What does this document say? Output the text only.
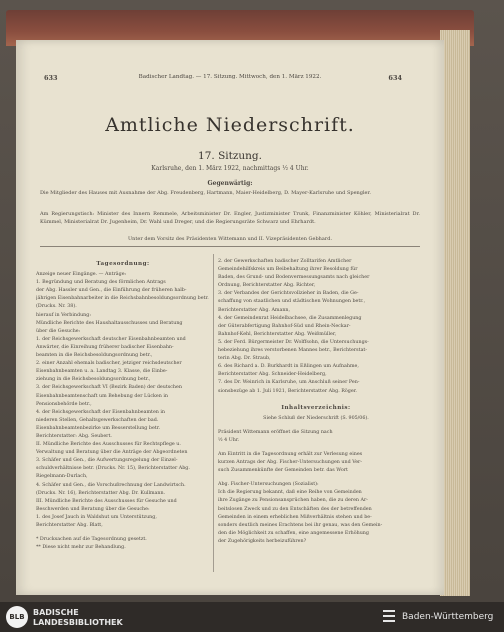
633	Badischer Landtag. — 17. Sitzung. Mittwoch, den 1. März 1922.	634
Amtliche Niederschrift.
17. Sitzung.
Karlsruhe, den 1. März 1922, nachmittags ½ 4 Uhr.
Gegenwärtig:
Die Mitglieder des Hauses mit Ausnahme der Abg. Freudenberg, Hartmann, Maier-Heidelberg, D. Mayer-Karlsruhe und Spengler.
Am Regierungstisch: Minister des Innern Remmele, Arbeitsminister Dr. Engler, Justizminister Trunk, Finanzminister Köhler, Ministerialrat Dr. Kümmel, Ministerialrat Dr. Jugenheim, Dr. Wahl und Dreger, und die Regierungsräte Schwarz und Ehrhardt.
Unter dem Vorsitz des Präsidenten Wittemann und II. Vizepräsidenten Gebhard.
Tagesordnung:
Anzeige neuer Eingänge. — Anträge:
1. Begründung und Beratung des förmlichen Antrags
der Abg. Hassler und Gen., die Einführung der früheren halb-
jährigen Eisenbahnarbeiter in die Reichsbahnbesoldungsordnung betr.
(Drucks. Nr. 38).
hierauf in Verbindung:
Mündliche Berichte des Haushaltausschusses und Beratung
über die Gesuche:
1. der Reichsgewerkschaft deutscher Eisenbahnbeamten und
Anwärter, die Einreihung früherer badischer Eisenbahn-
beamten in die Reichsbesoldungsordnung betr.,
2. einer Anzahl ehemals badischer, jetziger reichsdeutscher
Eisenbahnbeamten u. a. Landtag 3. Klasse, die Einbe-
ziehung in die Reichsbesoldungsordnung betr.,
3. der Reichsgewerkschaft VI (Bezirk Baden) der deutschen
Eisenbahnbeamtenschaft um Behebung der Lücken in
Pensionsbehörde betr.,
4. der Reichsgewerkschaft der Eisenbahnbeamten in
niederen Stellen, Gehaltsgewerkschaften der bad.
Eisenbahnbeamtenbezirke um Besserstellung betr.
Berichterstatter: Abg. Seubert.
II. Mündliche Berichte des Ausschusses für Rechtspflege u.
Verwaltung und Beratung über die Anträge der Abgeordneten
3. Schäfer und Gen., die Aufwertungsregelung der Einzel-
schuldverhältnisse betr. (Drucks. Nr. 15), Berichterstatter Abg.
Riegelmann-Durlach,
4. Schäfer und Gen., die Vorschußrechnung der Landwirtsch.
(Drucks. Nr. 16), Berichterstatter Abg. Dr. Kullmann.
III. Mündliche Berichte des Ausschusses für Gesuche und
Beschwerden und Beratung über die Gesuche:
1. des Josef Jauch in Waldshut um Unterstützung,
Berichterstatter Abg. Blatt,
* Drucksachen auf die Tagesordnung gesetzt.
** Diese nicht mehr zur Behandlung.
2. der Gewerkschaften badischer Zolltarifen Amtlicher
Gemeindehilfskreis um Beibehaltung ihrer Besoldung für
Baden, des Grund- und Bodenvermessungsamts nach gleicher
Ordnung, Berichterstatter Abg. Richter,
3. der Verbandes der Gerichtsvollzieher in Baden, die Ge-
schaffung von staatlichen und städtischen Wohnungen betr.,
Berichterstatter Abg. Amann,
4. der Gemeindenrat Heidelbachsee, die Zusammenlegung
der Güterabfertigung Bahnhof-Süd und Rhein-Neckar-
Bahnhof-Kehl, Berichterstatter Abg. Weißmüller,
5. der Ferd. Bürgermeister Dr. Wolffsohn, die Untersuchungs-
hebeziehung ihres verstorbenen Mannes betr., Berichterstat-
terin Abg. Dr. Straub,
6. des Richard a. D. Burkhardt in Eßlingen um Aufnahme,
Berichterstatter Abg. Schneider-Heidelberg,
7. des Dr. Weinrich in Karlsruhe, um Anschluß seiner Pen-
sionsbezüge ab 1. Juli 1921, Berichterstatter Abg. Röger.
Inhaltsverzeichnis:
Siehe Schluß der Niederschrift (S. 905/06).
Präsident Wittemann eröffnet die Sitzung nach
½ 4 Uhr.
Am Eintritt in die Tagesordnung erhält zur Verlesung eines
kurzen Antrags der Abg. Fischer-Untersuchungen und Ver-
such Zusammenkünfte der Gemeinden betr. das Wort
Abg. Fischer-Untersuchungen (Sozialist):
Ich die Regierung bekannt, daß eine Reihe von Gemeinden
ihre Zugänge zu Pensionsansprüchen haben, die zu deren Ar-
beitslosen Zweck und zu den Entschäften des der betreffenden
Gemeinden in einem erheblichen Mißverhältnis stehen und be-
sonders deutlich meines Erachtens bei ihr genau, was den Gemein-
den die Möglichkeit zu schaffen, eine angemessene Erhöhung
der Zugehörigkeits herbeizuführen?
BLB	BADISCHE
LANDESBIBLIOTHEK
Baden-Württemberg
